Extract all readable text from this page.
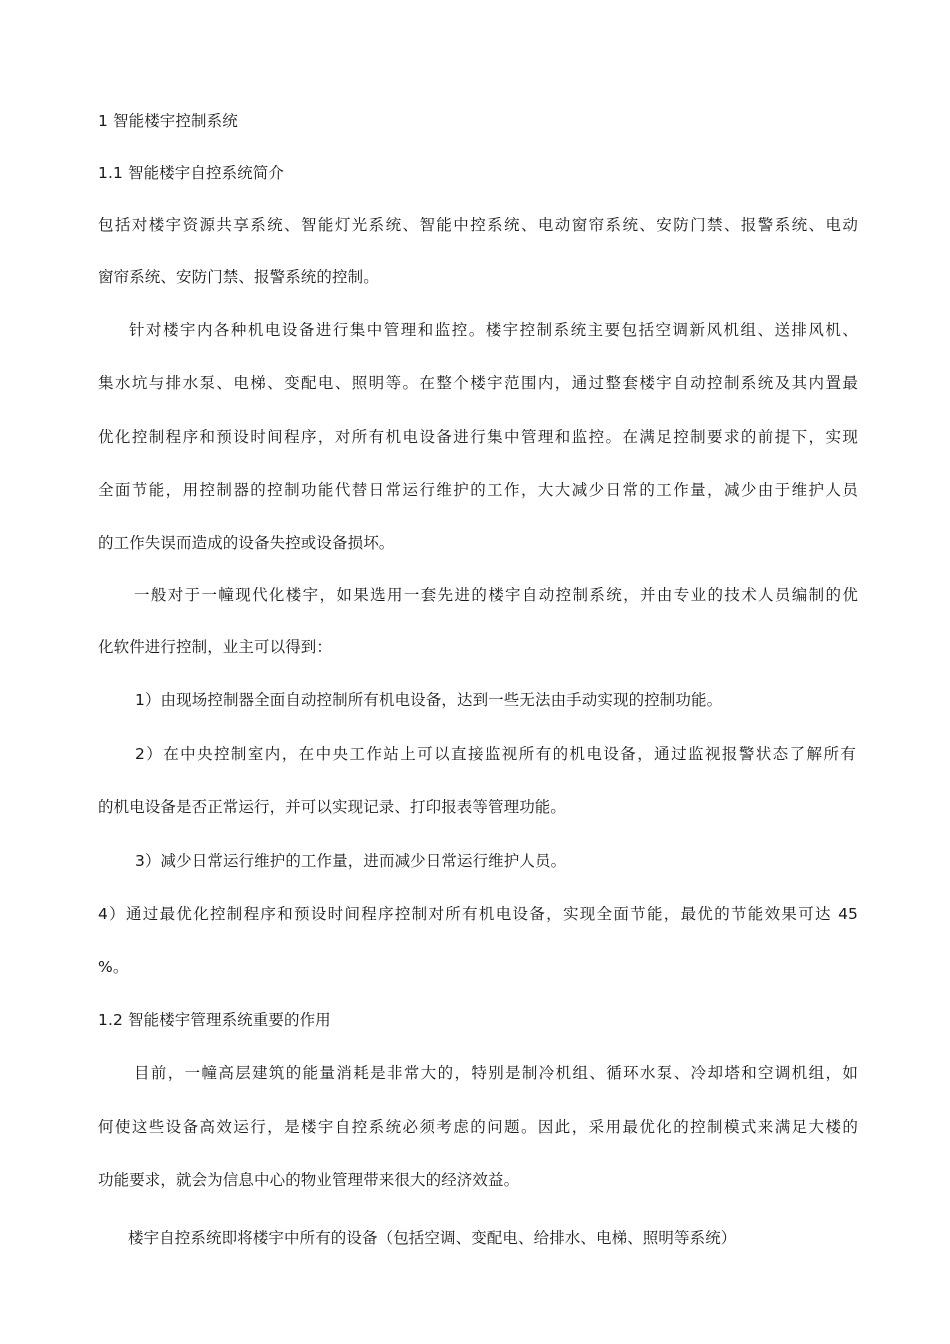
1 智能楼宇控制系统
1.1 智能楼宇自控系统简介
包括对楼宇资源共享系统、智能灯光系统、智能中控系统、电动窗帘系统、安防门禁、报警系统、电动
窗帘系统、安防门禁、报警系统的控制。
针对楼宇内各种机电设备进行集中管理和监控。楼宇控制系统主要包括空调新风机组、送排风机、
集水坑与排水泵、电梯、变配电、照明等。在整个楼宇范围内，通过整套楼宇自动控制系统及其内置最
优化控制程序和预设时间程序，对所有机电设备进行集中管理和监控。在满足控制要求的前提下，实现
全面节能，用控制器的控制功能代替日常运行维护的工作，大大减少日常的工作量，减少由于维护人员
的工作失误而造成的设备失控或设备损坏。
一般对于一幢现代化楼宇，如果选用一套先进的楼宇自动控制系统，并由专业的技术人员编制的优
化软件进行控制，业主可以得到：
1）由现场控制器全面自动控制所有机电设备，达到一些无法由手动实现的控制功能。
2）在中央控制室内，在中央工作站上可以直接监视所有的机电设备，通过监视报警状态了解所有
的机电设备是否正常运行，并可以实现记录、打印报表等管理功能。
3）减少日常运行维护的工作量，进而减少日常运行维护人员。
4）通过最优化控制程序和预设时间程序控制对所有机电设备，实现全面节能，最优的节能效果可达 45
%。
1.2 智能楼宇管理系统重要的作用
目前，一幢高层建筑的能量消耗是非常大的，特别是制冷机组、循环水泵、冷却塔和空调机组，如
何使这些设备高效运行，是楼宇自控系统必须考虑的问题。因此，采用最优化的控制模式来满足大楼的
功能要求，就会为信息中心的物业管理带来很大的经济效益。
楼宇自控系统即将楼宇中所有的设备（包括空调、变配电、给排水、电梯、照明等系统）
